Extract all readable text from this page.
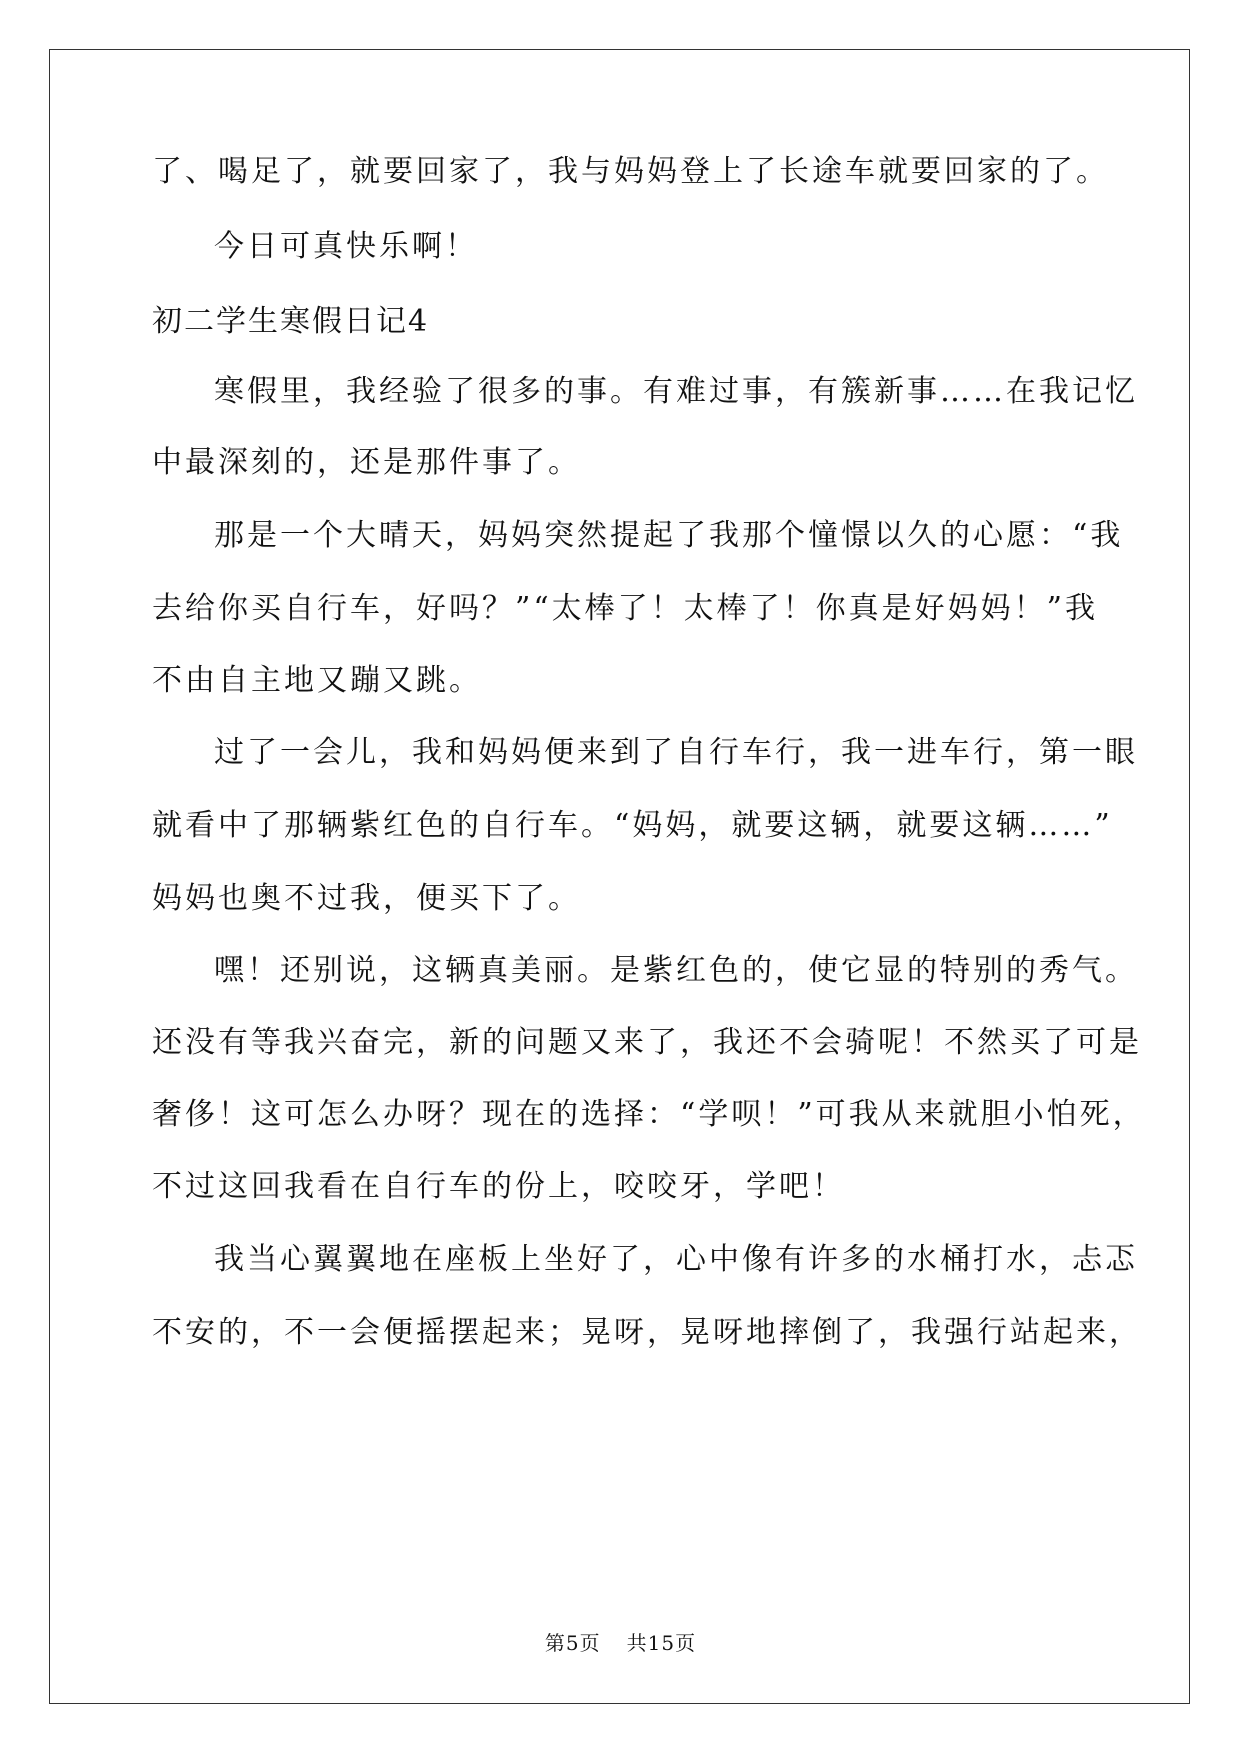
了、喝足了，就要回家了，我与妈妈登上了长途车就要回家的了。
今日可真快乐啊！
初二学生寒假日记4
寒假里，我经验了很多的事。有难过事，有簇新事……在我记忆
中最深刻的，还是那件事了。
那是一个大晴天，妈妈突然提起了我那个憧憬以久的心愿：“我
去给你买自行车，好吗？”“太棒了！太棒了！你真是好妈妈！”我
不由自主地又蹦又跳。
过了一会儿，我和妈妈便来到了自行车行，我一进车行，第一眼
就看中了那辆紫红色的自行车。“妈妈，就要这辆，就要这辆……”
妈妈也奥不过我，便买下了。
嘿！还别说，这辆真美丽。是紫红色的，使它显的特别的秀气。
还没有等我兴奋完，新的问题又来了，我还不会骑呢！不然买了可是
奢侈！这可怎么办呀？现在的选择：“学呗！”可我从来就胆小怕死，
不过这回我看在自行车的份上，咬咬牙，学吧！
我当心翼翼地在座板上坐好了，心中像有许多的水桶打水，忐忑
不安的，不一会便摇摆起来；晃呀，晃呀地摔倒了，我强行站起来，
第5页 共15页
